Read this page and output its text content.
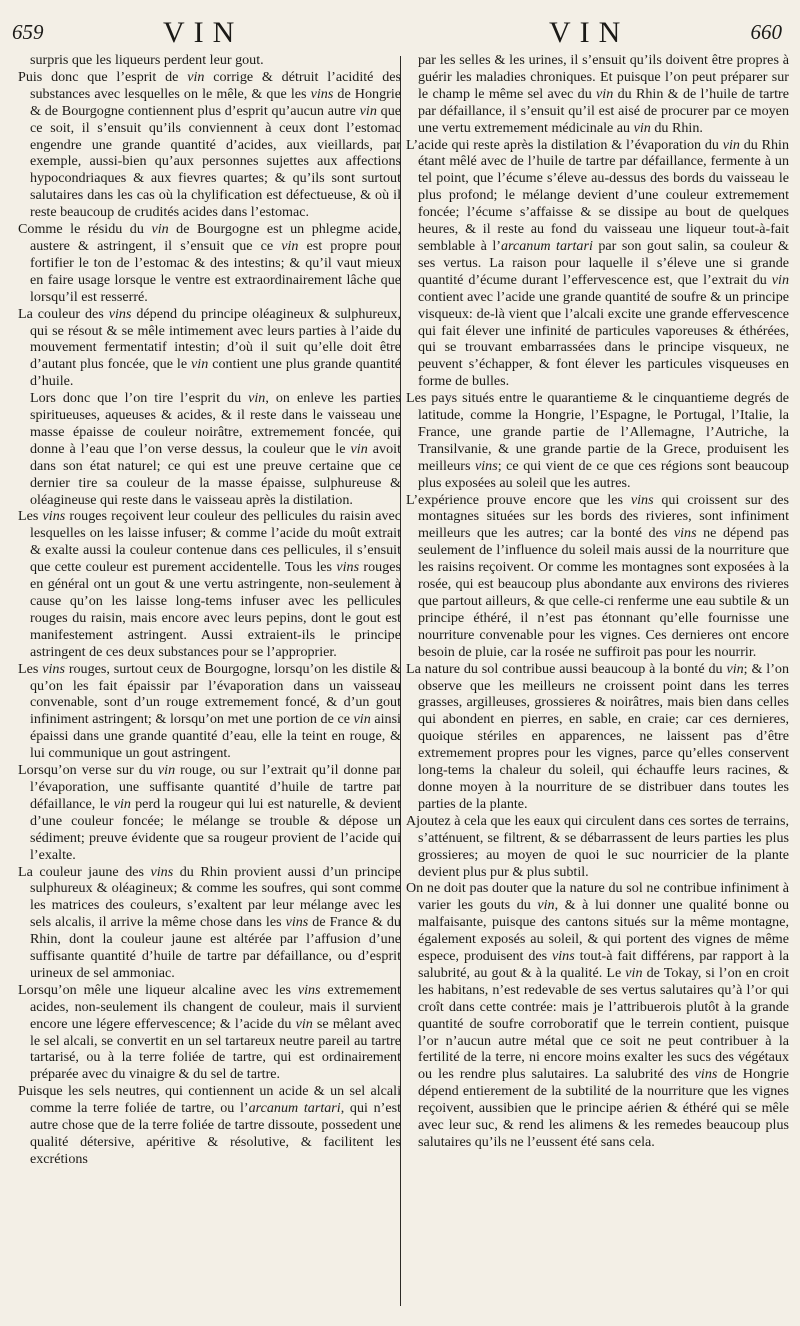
659	VIN	VIN	660

surpris que les liqueurs perdent leur gout.

Puis donc que l’esprit de vin corrige & détruit l’acidité des substances avec lesquelles on le mêle, & que les vins de Hongrie & de Bourgogne contiennent plus d’esprit qu’aucun autre vin que ce soit, il s’ensuit qu’ils conviennent à ceux dont l’estomac engendre une grande quantité d’acides, aux vieillards, par exemple, aussi-bien qu’aux personnes sujettes aux affections hypocondriaques & aux fievres quartes; & qu’ils sont surtout salutaires dans les cas où la chylification est défectueuse, & où il reste beaucoup de crudités acides dans l’estomac.

Comme le résidu du vin de Bourgogne est un phlegme acide, austere & astringent, il s’ensuit que ce vin est propre pour fortifier le ton de l’estomac & des intestins; & qu’il vaut mieux en faire usage lorsque le ventre est extraordinairement lâche que lorsqu’il est resserré.

La couleur des vins dépend du principe oléagineux & sulphureux, qui se résout & se mêle intimement avec leurs parties à l’aide du mouvement fermentatif intestin; d’où il suit qu’elle doit être d’autant plus foncée, que le vin contient une plus grande quantité d’huile.

Lors donc que l’on tire l’esprit du vin, on enleve les parties spiritueuses, aqueuses & acides, & il reste dans le vaisseau une masse épaisse de couleur noirâtre, extremement foncée, qui donne à l’eau que l’on verse dessus, la couleur que le vin avoit dans son état naturel; ce qui est une preuve certaine que ce dernier tire sa couleur de la masse épaisse, sulphureuse & oléagineuse qui reste dans le vaisseau après la distilation.

Les vins rouges reçoivent leur couleur des pellicules du raisin avec lesquelles on les laisse infuser; & comme l’acide du moût extrait & exalte aussi la couleur contenue dans ces pellicules, il s’ensuit que cette couleur est purement accidentelle. Tous les vins rouges en général ont un gout & une vertu astringente, non-seulement à cause qu’on les laisse long-tems infuser avec les pellicules rouges du raisin, mais encore avec leurs pepins, dont le gout est manifestement astringent. Aussi extraient-ils le principe astringent de ces deux substances pour se l’approprier.

Les vins rouges, surtout ceux de Bourgogne, lorsqu’on les distile & qu’on les fait épaissir par l’évaporation dans un vaisseau convenable, sont d’un rouge extremement foncé, & d’un gout infiniment astringent; & lorsqu’on met une portion de ce vin ainsi épaissi dans une grande quantité d’eau, elle la teint en rouge, & lui communique un gout astringent.

Lorsqu’on verse sur du vin rouge, ou sur l’extrait qu’il donne par l’évaporation, une suffisante quantité d’huile de tartre par défaillance, le vin perd la rougeur qui lui est naturelle, & devient d’une couleur foncée; le mélange se trouble & dépose un sédiment; preuve évidente que sa rougeur provient de l’acide qui l’exalte.

La couleur jaune des vins du Rhin provient aussi d’un principe sulphureux & oléagineux; & comme les soufres, qui sont comme les matrices des couleurs, s’exaltent par leur mélange avec les sels alcalis, il arrive la même chose dans les vins de France & du Rhin, dont la couleur jaune est altérée par l’affusion d’une suffisante quantité d’huile de tartre par défaillance, ou d’esprit urineux de sel ammoniac.

Lorsqu’on mêle une liqueur alcaline avec les vins extremement acides, non-seulement ils changent de couleur, mais il survient encore une légere effervescence; & l’acide du vin se mêlant avec le sel alcali, se convertit en un sel tartareux neutre pareil au tartre tartarisé, ou à la terre foliée de tartre, qui est ordinairement préparée avec du vinaigre & du sel de tartre.

Puisque les sels neutres, qui contiennent un acide & un sel alcali comme la terre foliée de tartre, ou l’arcanum tartari, qui n’est autre chose que de la terre foliée de tartre dissoute, possedent une qualité détersive, apéritive & résolutive, & facilitent les excrétions

par les selles & les urines, il s’ensuit qu’ils doivent être propres à guérir les maladies chroniques. Et puisque l’on peut préparer sur le champ le même sel avec du vin du Rhin & de l’huile de tartre par défaillance, il s’ensuit qu’il est aisé de procurer par ce moyen une vertu extremement médicinale au vin du Rhin.

L’acide qui reste après la distilation & l’évaporation du vin du Rhin étant mêlé avec de l’huile de tartre par défaillance, fermente à un tel point, que l’écume s’éleve au-dessus des bords du vaisseau le plus profond; le mélange devient d’une couleur extremement foncée; l’écume s’affaisse & se dissipe au bout de quelques heures, & il reste au fond du vaisseau une liqueur tout-à-fait semblable à l’arcanum tartari par son gout salin, sa couleur & ses vertus. La raison pour laquelle il s’éleve une si grande quantité d’écume durant l’effervescence est, que l’extrait du vin contient avec l’acide une grande quantité de soufre & un principe visqueux: de-là vient que l’alcali excite une grande effervescence qui fait élever une infinité de particules vaporeuses & éthérées, qui se trouvant embarrassées dans le principe visqueux, ne peuvent s’échapper, & font élever les particules visqueuses en forme de bulles.

Les pays situés entre le quarantieme & le cinquantieme degrés de latitude, comme la Hongrie, l’Espagne, le Portugal, l’Italie, la France, une grande partie de l’Allemagne, l’Autriche, la Transilvanie, & une grande partie de la Grece, produisent les meilleurs vins; ce qui vient de ce que ces régions sont beaucoup plus exposées au soleil que les autres.

L’expérience prouve encore que les vins qui croissent sur des montagnes situées sur les bords des rivieres, sont infiniment meilleurs que les autres; car la bonté des vins ne dépend pas seulement de l’influence du soleil mais aussi de la nourriture que les raisins reçoivent. Or comme les montagnes sont exposées à la rosée, qui est beaucoup plus abondante aux environs des rivieres que partout ailleurs, & que celle-ci renferme une eau subtile & un principe éthéré, il n’est pas étonnant qu’elle fournisse une nourriture convenable pour les vignes. Ces dernieres ont encore besoin de pluie, car la rosée ne suffiroit pas pour les nourrir.

La nature du sol contribue aussi beaucoup à la bonté du vin; & l’on observe que les meilleurs ne croissent point dans les terres grasses, argilleuses, grossieres & noirâtres, mais bien dans celles qui abondent en pierres, en sable, en craie; car ces dernieres, quoique stériles en apparences, ne laissent pas d’être extremement propres pour les vignes, parce qu’elles conservent long-tems la chaleur du soleil, qui échauffe leurs racines, & donne moyen à la nourriture de se distribuer dans toutes les parties de la plante.

Ajoutez à cela que les eaux qui circulent dans ces sortes de terrains, s’atténuent, se filtrent, & se débarrassent de leurs parties les plus grossieres; au moyen de quoi le suc nourricier de la plante devient plus pur & plus subtil.

On ne doit pas douter que la nature du sol ne contribue infiniment à varier les gouts du vin, & à lui donner une qualité bonne ou malfaisante, puisque des cantons situés sur la même montagne, également exposés au soleil, & qui portent des vignes de même espece, produisent des vins tout-à fait différens, par rapport à la salubrité, au gout & à la qualité. Le vin de Tokay, si l’on en croit les habitans, n’est redevable de ses vertus salutaires qu’à l’or qui croît dans cette contrée: mais je l’attribuerois plutôt à la grande quantité de soufre corroboratif que le terrein contient, puisque l’or n’aucun autre métal que ce soit ne peut contribuer à la fertilité de la terre, ni encore moins exalter les sucs des végétaux ou les rendre plus salutaires. La salubrité des vins de Hongrie dépend entierement de la subtilité de la nourriture que les vignes reçoivent, aussibien que le principe aérien & éthéré qui se mêle avec leur suc, & rend les alimens & les remedes beaucoup plus salutaires qu’ils ne l’eussent été sans cela.
